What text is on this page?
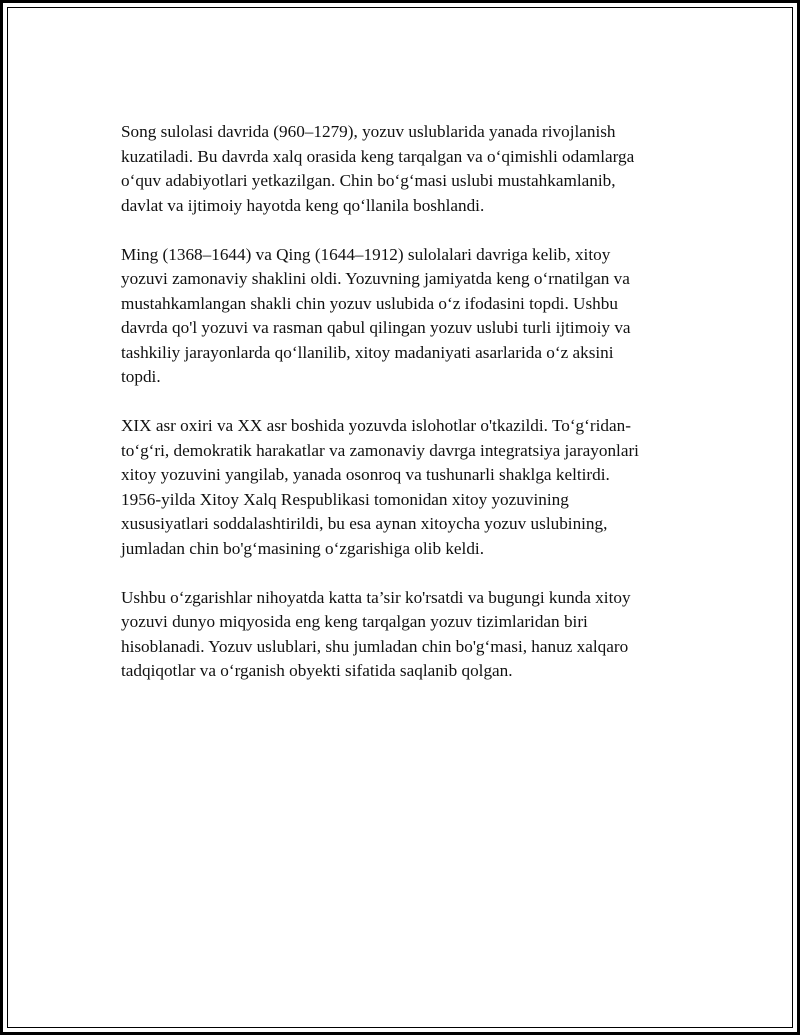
Song sulolasi davrida (960–1279), yozuv uslublarida yanada rivojlanish
kuzatiladi. Bu davrda xalq orasida keng tarqalgan va o‘qimishli odamlarga
o‘quv adabiyotlari yetkazilgan. Chin bo‘g‘masi uslubi mustahkamlanib,
davlat va ijtimoiy hayotda keng qo‘llanila boshlandi.

Ming (1368–1644) va Qing (1644–1912) sulolalari davriga kelib, xitoy
yozuvi zamonaviy shaklini oldi. Yozuvning jamiyatda keng o‘rnatilgan va
mustahkamlangan shakli chin yozuv uslubida o‘z ifodasini topdi. Ushbu
davrda qo'l yozuvi va rasman qabul qilingan yozuv uslubi turli ijtimoiy va
tashkiliy jarayonlarda qo‘llanilib, xitoy madaniyati asarlarida o‘z aksini
topdi.

XIX asr oxiri va XX asr boshida yozuvda islohotlar o'tkazildi. To‘g‘ridan-
to‘g‘ri, demokratik harakatlar va zamonaviy davrga integratsiya jarayonlari
xitoy yozuvini yangilab, yanada osonroq va tushunarli shaklga keltirdi.
1956-yilda Xitoy Xalq Respublikasi tomonidan xitoy yozuvining
xususiyatlari soddalashtirildi, bu esa aynan xitoycha yozuv uslubining,
jumladan chin bo'g‘masining o‘zgarishiga olib keldi.

Ushbu o‘zgarishlar nihoyatda katta ta’sir ko'rsatdi va bugungi kunda xitoy
yozuvi dunyo miqyosida eng keng tarqalgan yozuv tizimlaridan biri
hisoblanadi. Yozuv uslublari, shu jumladan chin bo'g‘masi, hanuz xalqaro
tadqiqotlar va o‘rganish obyekti sifatida saqlanib qolgan.
